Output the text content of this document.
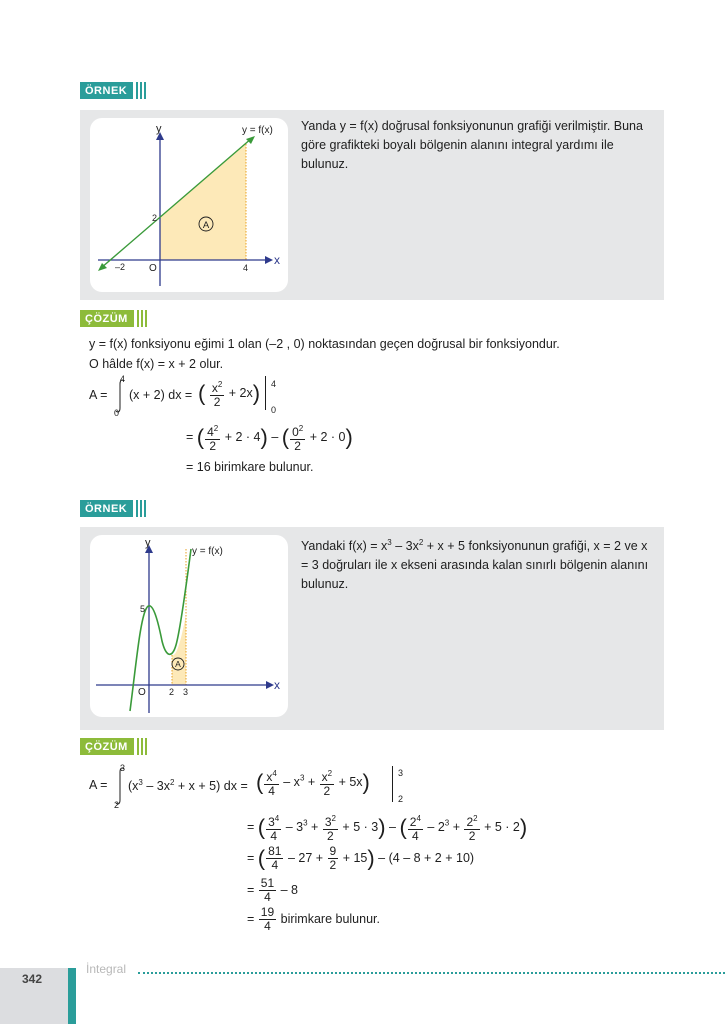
ÖRNEK
A
y
x
y = f(x)
O
–2	4
2
Yanda y = f(x) doğrusal fonksiyonunun grafiği verilmiştir. Buna göre grafikteki boyalı bölgenin alanını integral yardımı ile bulunuz.
ÇÖZÜM
y = f(x) fonksiyonu eğimi 1 olan (–2 , 0) noktasından geçen doğrusal bir fonksiyondur.
O hâlde f(x) = x + 2 olur.
A =
4
0
(x + 2) dx = ( $\frac{x^2}{2} + 2x$) 4
0
= ( $\frac{4^2}{2} + 2 \cdot 4$) – ( $\frac{0^2}{2} + 2 \cdot 0$)
= 16 birimkare bulunur.
ÖRNEK
A
y
x
y = f(x)
O	2 3
5
Yandaki $f(x) = x^3 - 3x^2 + x + 5$ fonksiyonunun grafiği, x = 2 ve x = 3 doğruları ile x ekseni arasında kalan sınırlı bölgenin alanını bulunuz.
ÇÖZÜM
A =
3
2
$(x^3 - 3x^2 + x + 5)$ dx = ( $\frac{x^4}{4} - x^3 + \frac{x^2}{2} + 5x$)	3
2
= ( $\frac{3^4}{4} - 3^3 + \frac{3^2}{2} + 5 \cdot 3$) – ( $\frac{2^4}{4} - 2^3 + \frac{2^2}{2} + 5 \cdot 2$)
= ( $\frac{81}{4} - 27 + \frac{9}{2} + 15) - (4 - 8 + 2 + 10)$
= $\frac{51}{4} - 8$
= $\frac{19}{4}$ birimkare bulunur.
342
İntegral
